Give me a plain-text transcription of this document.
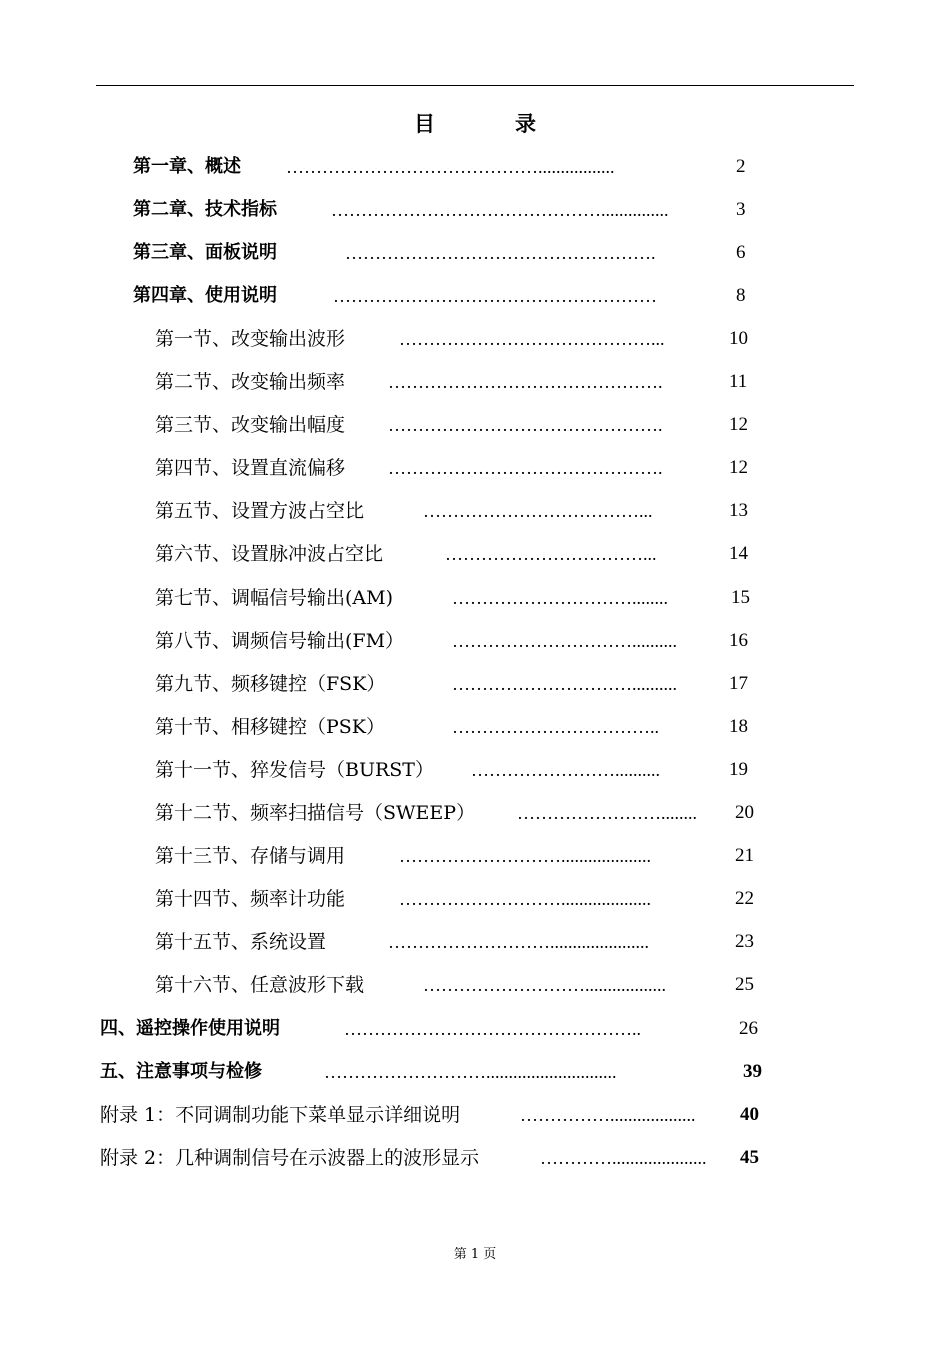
目录
第一章、概述	…………………………………….................	2
第二章、技术指标	………………………………………...............	3
第三章、面板说明	…………………………………………….	6
第四章、使用说明	………………………………………………	8
第一节、改变输出波形	……………………………………...	10
第二节、改变输出频率 ……………………………………….	11
第三节、改变输出幅度 ……………………………………….	12
第四节、设置直流偏移 ……………………………………….	12
第五节、设置方波占空比	………………………………...	13
第六节、设置脉冲波占空比	……………………………...	14
第七节、调幅信号输出(AM)	…………………………........	15
第八节、调频信号输出(FM）	…………………………..........	16
第九节、频移键控（FSK）	…………………………..........	17
第十节、相移键控（PSK）	……………………………..	18
第十一节、猝发信号（BURST） ……………………..........	19
第十二节、频率扫描信号（SWEEP） ……………………........	20
第十三节、存储与调用	………………………....................	21
第十四节、频率计功能	………………………....................	22
第十五节、系统设置	………………………......................	23
第十六节、任意波形下载	………………………..................	25
四、遥控操作使用说明	…………………………………………..	26
五、注意事项与检修	……………………….............................	39
附录 1：不同调制功能下菜单显示详细说明	……………...................	40
附录 2：几种调制信号在示波器上的波形显示	………….....................	45
第 1 页
